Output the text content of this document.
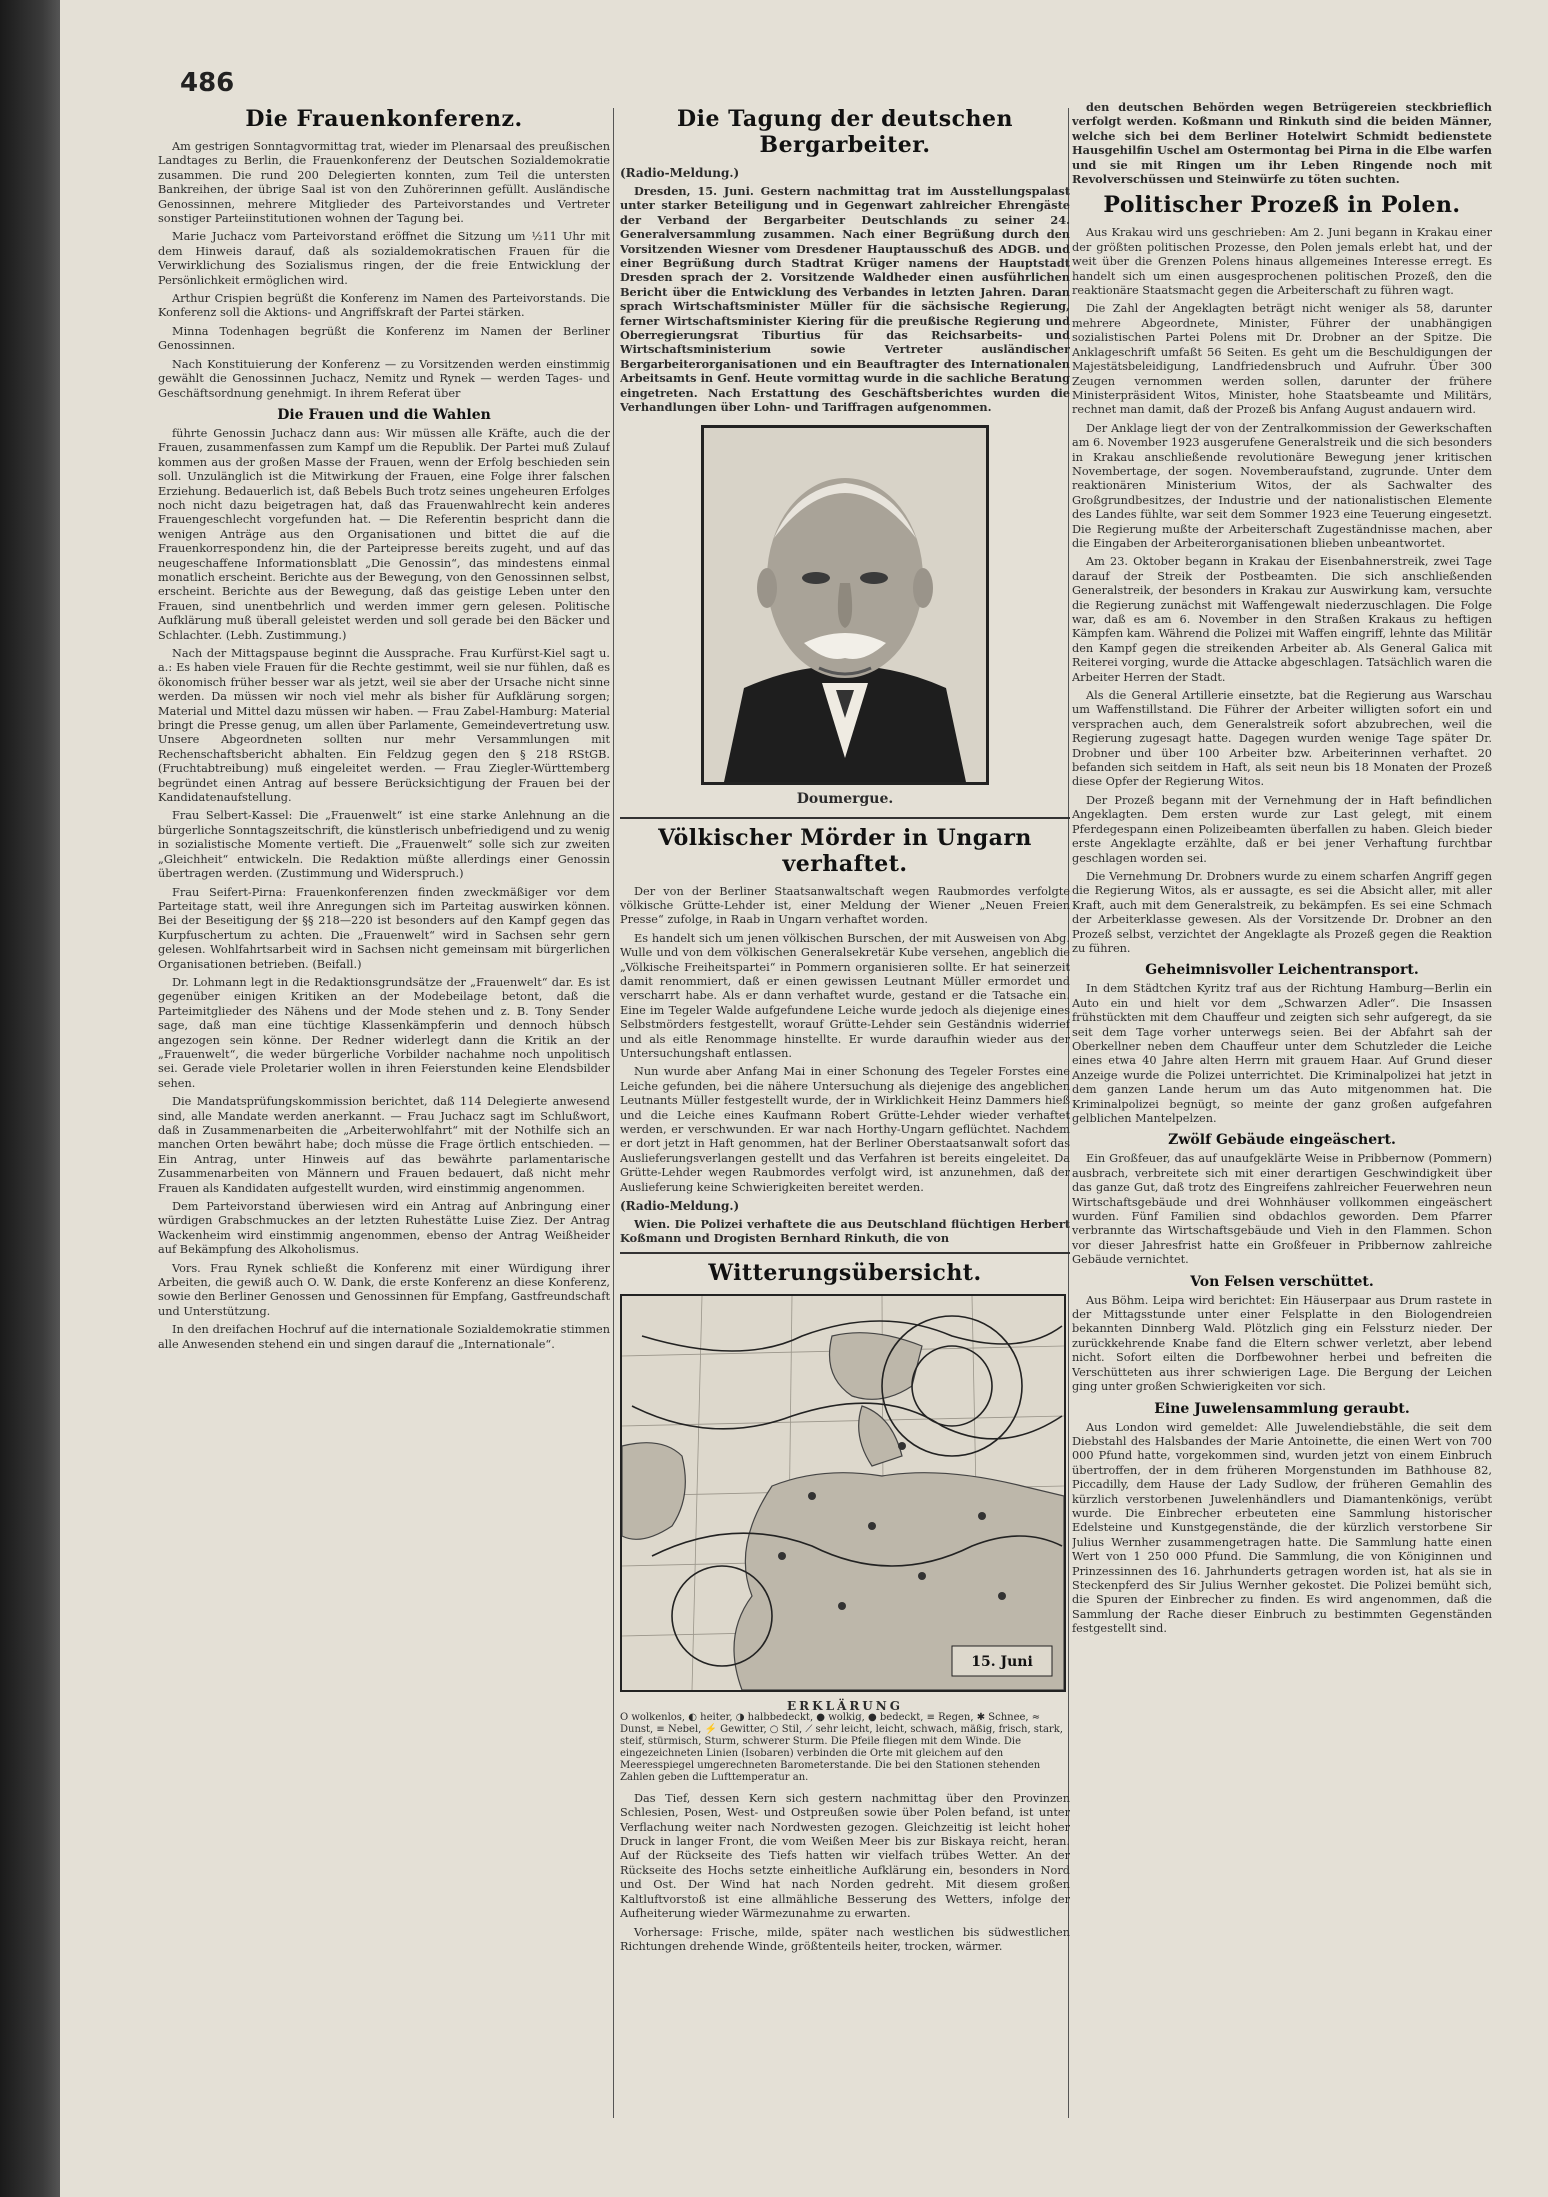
486
Die Frauenkonferenz.

Am gestrigen Sonntagvormittag trat, wieder im Plenarsaal des preußischen Landtages zu Berlin, die Frauenkonferenz der Deutschen Sozialdemokratie zusammen. Die rund 200 Delegierten konnten, zum Teil die untersten Bankreihen, der übrige Saal ist von den Zuhörerinnen gefüllt. Ausländische Genossinnen, mehrere Mitglieder des Parteivorstandes und Vertreter sonstiger Parteiinstitutionen wohnen der Tagung bei.

Marie Juchacz vom Parteivorstand eröffnet die Sitzung um ½11 Uhr mit dem Hinweis darauf, daß als sozialdemokratischen Frauen für die Verwirklichung des Sozialismus ringen, der die freie Entwicklung der Persönlichkeit ermöglichen wird.

Arthur Crispien begrüßt die Konferenz im Namen des Parteivorstands. Die Konferenz soll die Aktions- und Angriffskraft der Partei stärken.

Minna Todenhagen begrüßt die Konferenz im Namen der Berliner Genossinnen.

Nach Konstituierung der Konferenz — zu Vorsitzenden werden einstimmig gewählt die Genossinnen Juchacz, Nemitz und Rynek — werden Tages- und Geschäftsordnung genehmigt. In ihrem Referat über

Die Frauen und die Wahlen

führte Genossin Juchacz dann aus: Wir müssen alle Kräfte, auch die der Frauen, zusammenfassen zum Kampf um die Republik. Der Partei muß Zulauf kommen aus der großen Masse der Frauen, wenn der Erfolg beschieden sein soll. Unzulänglich ist die Mitwirkung der Frauen, eine Folge ihrer falschen Erziehung. Bedauerlich ist, daß Bebels Buch trotz seines ungeheuren Erfolges noch nicht dazu beigetragen hat, daß das Frauenwahlrecht kein anderes Frauengeschlecht vorgefunden hat. — Die Referentin bespricht dann die wenigen Anträge aus den Organisationen und bittet die auf die Frauenkorrespondenz hin, die der Parteipresse bereits zugeht, und auf das neugeschaffene Informationsblatt „Die Genossin“, das mindestens einmal monatlich erscheint. Berichte aus der Bewegung, von den Genossinnen selbst, erscheint. Berichte aus der Bewegung, daß das geistige Leben unter den Frauen, sind unentbehrlich und werden immer gern gelesen. Politische Aufklärung muß überall geleistet werden und soll gerade bei den Bäcker und Schlachter. (Lebh. Zustimmung.)

Nach der Mittagspause beginnt die Aussprache. Frau Kurfürst-Kiel sagt u. a.: Es haben viele Frauen für die Rechte gestimmt, weil sie nur fühlen, daß es ökonomisch früher besser war als jetzt, weil sie aber der Ursache nicht sinne werden. Da müssen wir noch viel mehr als bisher für Aufklärung sorgen; Material und Mittel dazu müssen wir haben. — Frau Zabel-Hamburg: Material bringt die Presse genug, um allen über Parlamente, Gemeindevertretung usw. Unsere Abgeordneten sollten nur mehr Versammlungen mit Rechenschaftsbericht abhalten. Ein Feldzug gegen den § 218 RStGB. (Fruchtabtreibung) muß eingeleitet werden. — Frau Ziegler-Württemberg begründet einen Antrag auf bessere Berücksichtigung der Frauen bei der Kandidatenaufstellung.

Frau Selbert-Kassel: Die „Frauenwelt“ ist eine starke Anlehnung an die bürgerliche Sonntagszeitschrift, die künstlerisch unbefriedigend und zu wenig in sozialistische Momente vertieft. Die „Frauenwelt“ solle sich zur zweiten „Gleichheit“ entwickeln. Die Redaktion müßte allerdings einer Genossin übertragen werden. (Zustimmung und Widerspruch.)

Frau Seifert-Pirna: Frauenkonferenzen finden zweckmäßiger vor dem Parteitage statt, weil ihre Anregungen sich im Parteitag auswirken können. Bei der Beseitigung der §§ 218—220 ist besonders auf den Kampf gegen das Kurpfuschertum zu achten. Die „Frauenwelt“ wird in Sachsen sehr gern gelesen. Wohlfahrtsarbeit wird in Sachsen nicht gemeinsam mit bürgerlichen Organisationen betrieben. (Beifall.)

Dr. Lohmann legt in die Redaktionsgrundsätze der „Frauenwelt“ dar. Es ist gegenüber einigen Kritiken an der Modebeilage betont, daß die Parteimitglieder des Nähens und der Mode stehen und z. B. Tony Sender sage, daß man eine tüchtige Klassenkämpferin und dennoch hübsch angezogen sein könne. Der Redner widerlegt dann die Kritik an der „Frauenwelt“, die weder bürgerliche Vorbilder nachahme noch unpolitisch sei. Gerade viele Proletarier wollen in ihren Feierstunden keine Elendsbilder sehen.

Die Mandatsprüfungskommission berichtet, daß 114 Delegierte anwesend sind, alle Mandate werden anerkannt. — Frau Juchacz sagt im Schlußwort, daß in Zusammenarbeiten die „Arbeiterwohlfahrt“ mit der Nothilfe sich an manchen Orten bewährt habe; doch müsse die Frage örtlich entschieden. — Ein Antrag, unter Hinweis auf das bewährte parlamentarische Zusammenarbeiten von Männern und Frauen bedauert, daß nicht mehr Frauen als Kandidaten aufgestellt wurden, wird einstimmig angenommen.

Dem Parteivorstand überwiesen wird ein Antrag auf Anbringung einer würdigen Grabschmuckes an der letzten Ruhestätte Luise Ziez. Der Antrag Wackenheim wird einstimmig angenommen, ebenso der Antrag Weißheider auf Bekämpfung des Alkoholismus.

Vors. Frau Rynek schließt die Konferenz mit einer Würdigung ihrer Arbeiten, die gewiß auch O. W. Dank, die erste Konferenz an diese Konferenz, sowie den Berliner Genossen und Genossinnen für Empfang, Gastfreundschaft und Unterstützung.

In den dreifachen Hochruf auf die internationale Sozialdemokratie stimmen alle Anwesenden stehend ein und singen darauf die „Internationale“.

Die Tagung der deutschen Bergarbeiter.
(Radio-Meldung.)

Dresden, 15. Juni. Gestern nachmittag trat im Ausstellungspalast unter starker Beteiligung und in Gegenwart zahlreicher Ehrengäste der Verband der Bergarbeiter Deutschlands zu seiner 24. Generalversammlung zusammen. Nach einer Begrüßung durch den Vorsitzenden Wiesner vom Dresdener Hauptausschuß des ADGB. und einer Begrüßung durch Stadtrat Krüger namens der Hauptstadt Dresden sprach der 2. Vorsitzende Waldheder einen ausführlichen Bericht über die Entwicklung des Verbandes in letzten Jahren. Daran sprach Wirtschaftsminister Müller für die sächsische Regierung, ferner Wirtschaftsminister Kiering für die preußische Regierung und Oberregierungsrat Tiburtius für das Reichsarbeits- und Wirtschaftsministerium sowie Vertreter ausländischer Bergarbeiterorganisationen und ein Beauftragter des Internationalen Arbeitsamts in Genf. Heute vormittag wurde in die sachliche Beratung eingetreten. Nach Erstattung des Geschäftsberichtes wurden die Verhandlungen über Lohn- und Tariffragen aufgenommen.

Doumergue.
Völkischer Mörder in Ungarn verhaftet.

Der von der Berliner Staatsanwaltschaft wegen Raubmordes verfolgte völkische Grütte-Lehder ist, einer Meldung der Wiener „Neuen Freien Presse“ zufolge, in Raab in Ungarn verhaftet worden.

Es handelt sich um jenen völkischen Burschen, der mit Ausweisen von Abg. Wulle und von dem völkischen Generalsekretär Kube versehen, angeblich die „Völkische Freiheitspartei“ in Pommern organisieren sollte. Er hat seinerzeit damit renommiert, daß er einen gewissen Leutnant Müller ermordet und verscharrt habe. Als er dann verhaftet wurde, gestand er die Tatsache ein. Eine im Tegeler Walde aufgefundene Leiche wurde jedoch als diejenige eines Selbstmörders festgestellt, worauf Grütte-Lehder sein Geständnis widerrief und als eitle Renommage hinstellte. Er wurde daraufhin wieder aus der Untersuchungshaft entlassen.

Nun wurde aber Anfang Mai in einer Schonung des Tegeler Forstes eine Leiche gefunden, bei die nähere Untersuchung als diejenige des angeblichen Leutnants Müller festgestellt wurde, der in Wirklichkeit Heinz Dammers hieß und die Leiche eines Kaufmann Robert Grütte-Lehder wieder verhaftet werden, er verschwunden. Er war nach Horthy-Ungarn geflüchtet. Nachdem er dort jetzt in Haft genommen, hat der Berliner Oberstaatsanwalt sofort das Auslieferungsverlangen gestellt und das Verfahren ist bereits eingeleitet. Da Grütte-Lehder wegen Raubmordes verfolgt wird, ist anzunehmen, daß der Auslieferung keine Schwierigkeiten bereitet werden.

(Radio-Meldung.)

Wien. Die Polizei verhaftete die aus Deutschland flüchtigen Herbert Koßmann und Drogisten Bernhard Rinkuth, die von

Witterungsübersicht.
15. Juni
ERKLÄRUNG
O wolkenlos, ◐ heiter, ◑ halbbedeckt, ● wolkig, ● bedeckt, ≡ Regen, ✱ Schnee, ≈ Dunst, ≡ Nebel, ⚡ Gewitter, ○ Stil, ⟋ sehr leicht, leicht, schwach, mäßig, frisch, stark, steif, stürmisch, Sturm, schwerer Sturm. Die Pfeile fliegen mit dem Winde. Die eingezeichneten Linien (Isobaren) verbinden die Orte mit gleichem auf den Meeresspiegel umgerechneten Barometerstande. Die bei den Stationen stehenden Zahlen geben die Lufttemperatur an.

Das Tief, dessen Kern sich gestern nachmittag über den Provinzen Schlesien, Posen, West- und Ostpreußen sowie über Polen befand, ist unter Verflachung weiter nach Nordwesten gezogen. Gleichzeitig ist leicht hoher Druck in langer Front, die vom Weißen Meer bis zur Biskaya reicht, heran. Auf der Rückseite des Tiefs hatten wir vielfach trübes Wetter. An der Rückseite des Hochs setzte einheitliche Aufklärung ein, besonders in Nord und Ost. Der Wind hat nach Norden gedreht. Mit diesem großen Kaltluftvorstoß ist eine allmähliche Besserung des Wetters, infolge der Aufheiterung wieder Wärmezunahme zu erwarten.

Vorhersage: Frische, milde, später nach westlichen bis südwestlichen Richtungen drehende Winde, größtenteils heiter, trocken, wärmer.

den deutschen Behörden wegen Betrügereien steckbrieflich verfolgt werden. Koßmann und Rinkuth sind die beiden Männer, welche sich bei dem Berliner Hotelwirt Schmidt bedienstete Hausgehilfin Uschel am Ostermontag bei Pirna in die Elbe warfen und sie mit Ringen um ihr Leben Ringende noch mit Revolverschüssen und Steinwürfe zu töten suchten.

Politischer Prozeß in Polen.

Aus Krakau wird uns geschrieben: Am 2. Juni begann in Krakau einer der größten politischen Prozesse, den Polen jemals erlebt hat, und der weit über die Grenzen Polens hinaus allgemeines Interesse erregt. Es handelt sich um einen ausgesprochenen politischen Prozeß, den die reaktionäre Staatsmacht gegen die Arbeiterschaft zu führen wagt.

Die Zahl der Angeklagten beträgt nicht weniger als 58, darunter mehrere Abgeordnete, Minister, Führer der unabhängigen sozialistischen Partei Polens mit Dr. Drobner an der Spitze. Die Anklageschrift umfaßt 56 Seiten. Es geht um die Beschuldigungen der Majestätsbeleidigung, Landfriedensbruch und Aufruhr. Über 300 Zeugen vernommen werden sollen, darunter der frühere Ministerpräsident Witos, Minister, hohe Staatsbeamte und Militärs, rechnet man damit, daß der Prozeß bis Anfang August andauern wird.

Der Anklage liegt der von der Zentralkommission der Gewerkschaften am 6. November 1923 ausgerufene Generalstreik und die sich besonders in Krakau anschließende revolutionäre Bewegung jener kritischen Novembertage, der sogen. Novemberaufstand, zugrunde. Unter dem reaktionären Ministerium Witos, der als Sachwalter des Großgrundbesitzes, der Industrie und der nationalistischen Elemente des Landes fühlte, war seit dem Sommer 1923 eine Teuerung eingesetzt. Die Regierung mußte der Arbeiterschaft Zugeständnisse machen, aber die Eingaben der Arbeiterorganisationen blieben unbeantwortet.

Am 23. Oktober begann in Krakau der Eisenbahnerstreik, zwei Tage darauf der Streik der Postbeamten. Die sich anschließenden Generalstreik, der besonders in Krakau zur Auswirkung kam, versuchte die Regierung zunächst mit Waffengewalt niederzuschlagen. Die Folge war, daß es am 6. November in den Straßen Krakaus zu heftigen Kämpfen kam. Während die Polizei mit Waffen eingriff, lehnte das Militär den Kampf gegen die streikenden Arbeiter ab. Als General Galica mit Reiterei vorging, wurde die Attacke abgeschlagen. Tatsächlich waren die Arbeiter Herren der Stadt.

Als die General Artillerie einsetzte, bat die Regierung aus Warschau um Waffenstillstand. Die Führer der Arbeiter willigten sofort ein und versprachen auch, dem Generalstreik sofort abzubrechen, weil die Regierung zugesagt hatte. Dagegen wurden wenige Tage später Dr. Drobner und über 100 Arbeiter bzw. Arbeiterinnen verhaftet. 20 befanden sich seitdem in Haft, als seit neun bis 18 Monaten der Prozeß diese Opfer der Regierung Witos.

Der Prozeß begann mit der Vernehmung der in Haft befindlichen Angeklagten. Dem ersten wurde zur Last gelegt, mit einem Pferdegespann einen Polizeibeamten überfallen zu haben. Gleich bieder erste Angeklagte erzählte, daß er bei jener Verhaftung furchtbar geschlagen worden sei.

Die Vernehmung Dr. Drobners wurde zu einem scharfen Angriff gegen die Regierung Witos, als er aussagte, es sei die Absicht aller, mit aller Kraft, auch mit dem Generalstreik, zu bekämpfen. Es sei eine Schmach der Arbeiterklasse gewesen. Als der Vorsitzende Dr. Drobner an den Prozeß selbst, verzichtet der Angeklagte als Prozeß gegen die Reaktion zu führen.

Geheimnisvoller Leichentransport.

In dem Städtchen Kyritz traf aus der Richtung Hamburg—Berlin ein Auto ein und hielt vor dem „Schwarzen Adler“. Die Insassen frühstückten mit dem Chauffeur und zeigten sich sehr aufgeregt, da sie seit dem Tage vorher unterwegs seien. Bei der Abfahrt sah der Oberkellner neben dem Chauffeur unter dem Schutzleder die Leiche eines etwa 40 Jahre alten Herrn mit grauem Haar. Auf Grund dieser Anzeige wurde die Polizei unterrichtet. Die Kriminalpolizei hat jetzt in dem ganzen Lande herum um das Auto mitgenommen hat. Die Kriminalpolizei begnügt, so meinte der ganz großen aufgefahren gelblichen Mantelpelzen.

Zwölf Gebäude eingeäschert.

Ein Großfeuer, das auf unaufgeklärte Weise in Pribbernow (Pommern) ausbrach, verbreitete sich mit einer derartigen Geschwindigkeit über das ganze Gut, daß trotz des Eingreifens zahlreicher Feuerwehren neun Wirtschaftsgebäude und drei Wohnhäuser vollkommen eingeäschert wurden. Fünf Familien sind obdachlos geworden. Dem Pfarrer verbrannte das Wirtschaftsgebäude und Vieh in den Flammen. Schon vor dieser Jahresfrist hatte ein Großfeuer in Pribbernow zahlreiche Gebäude vernichtet.

Von Felsen verschüttet.

Aus Böhm. Leipa wird berichtet: Ein Häuserpaar aus Drum rastete in der Mittagsstunde unter einer Felsplatte in den Biologendreien bekannten Dinnberg Wald. Plötzlich ging ein Felssturz nieder. Der zurückkehrende Knabe fand die Eltern schwer verletzt, aber lebend nicht. Sofort eilten die Dorfbewohner herbei und befreiten die Verschütteten aus ihrer schwierigen Lage. Die Bergung der Leichen ging unter großen Schwierigkeiten vor sich.

Eine Juwelensammlung geraubt.

Aus London wird gemeldet: Alle Juwelendiebstähle, die seit dem Diebstahl des Halsbandes der Marie Antoinette, die einen Wert von 700 000 Pfund hatte, vorgekommen sind, wurden jetzt von einem Einbruch übertroffen, der in dem früheren Morgenstunden im Bathhouse 82, Piccadilly, dem Hause der Lady Sudlow, der früheren Gemahlin des kürzlich verstorbenen Juwelenhändlers und Diamantenkönigs, verübt wurde. Die Einbrecher erbeuteten eine Sammlung historischer Edelsteine und Kunstgegenstände, die der kürzlich verstorbene Sir Julius Wernher zusammengetragen hatte. Die Sammlung hatte einen Wert von 1 250 000 Pfund. Die Sammlung, die von Königinnen und Prinzessinnen des 16. Jahrhunderts getragen worden ist, hat als sie in Steckenpferd des Sir Julius Wernher gekostet. Die Polizei bemüht sich, die Spuren der Einbrecher zu finden. Es wird angenommen, daß die Sammlung der Rache dieser Einbruch zu bestimmten Gegenständen festgestellt sind.
